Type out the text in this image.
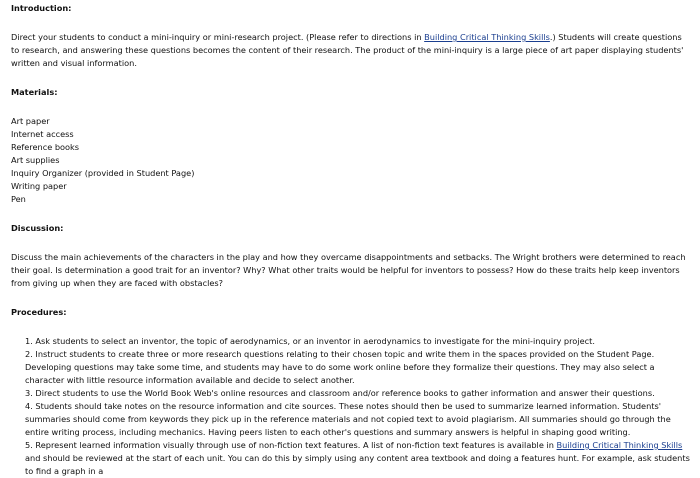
Introduction:

Direct your students to conduct a mini-inquiry or mini-research project. (Please refer to directions in Building Critical Thinking Skills.) Students will create questions to research, and answering these questions becomes the content of their research. The product of the mini-inquiry is a large piece of art paper displaying students' written and visual information.

Materials:

Art paper

Internet access

Reference books

Art supplies

Inquiry Organizer (provided in Student Page)

Writing paper

Pen

Discussion:

Discuss the main achievements of the characters in the play and how they overcame disappointments and setbacks. The Wright brothers were determined to reach their goal. Is determination a good trait for an inventor? Why? What other traits would be helpful for inventors to possess? How do these traits help keep inventors from giving up when they are faced with obstacles?

Procedures:

1. Ask students to select an inventor, the topic of aerodynamics, or an inventor in aerodynamics to investigate for the mini-inquiry project.

2. Instruct students to create three or more research questions relating to their chosen topic and write them in the spaces provided on the Student Page. Developing questions may take some time, and students may have to do some work online before they formalize their questions. They may also select a character with little resource information available and decide to select another.

3. Direct students to use the World Book Web's online resources and classroom and/or reference books to gather information and answer their questions.

4. Students should take notes on the resource information and cite sources. These notes should then be used to summarize learned information. Students' summaries should come from keywords they pick up in the reference materials and not copied text to avoid plagiarism. All summaries should go through the entire writing process, including mechanics. Having peers listen to each other's questions and summary answers is helpful in shaping good writing.

5. Represent learned information visually through use of non-fiction text features. A list of non-fiction text features is available in Building Critical Thinking Skills and should be reviewed at the start of each unit. You can do this by simply using any content area textbook and doing a features hunt. For example, ask students to find a graph in a
